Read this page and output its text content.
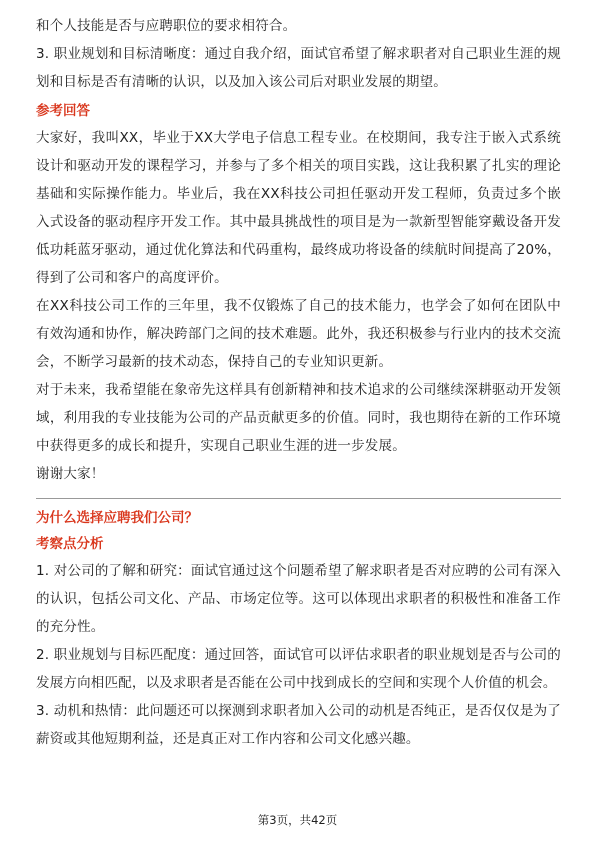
和个人技能是否与应聘职位的要求相符合。

3. 职业规划和目标清晰度：通过自我介绍，面试官希望了解求职者对自己职业生涯的规划和目标是否有清晰的认识，以及加入该公司后对职业发展的期望。

参考回答

大家好，我叫XX，毕业于XX大学电子信息工程专业。在校期间，我专注于嵌入式系统设计和驱动开发的课程学习，并参与了多个相关的项目实践，这让我积累了扎实的理论基础和实际操作能力。毕业后，我在XX科技公司担任驱动开发工程师，负责过多个嵌入式设备的驱动程序开发工作。其中最具挑战性的项目是为一款新型智能穿戴设备开发低功耗蓝牙驱动，通过优化算法和代码重构，最终成功将设备的续航时间提高了20%，得到了公司和客户的高度评价。

在XX科技公司工作的三年里，我不仅锻炼了自己的技术能力，也学会了如何在团队中有效沟通和协作，解决跨部门之间的技术难题。此外，我还积极参与行业内的技术交流会，不断学习最新的技术动态，保持自己的专业知识更新。

对于未来，我希望能在象帝先这样具有创新精神和技术追求的公司继续深耕驱动开发领域，利用我的专业技能为公司的产品贡献更多的价值。同时，我也期待在新的工作环境中获得更多的成长和提升，实现自己职业生涯的进一步发展。

谢谢大家！

为什么选择应聘我们公司？
考察点分析

1. 对公司的了解和研究：面试官通过这个问题希望了解求职者是否对应聘的公司有深入的认识，包括公司文化、产品、市场定位等。这可以体现出求职者的积极性和准备工作的充分性。

2. 职业规划与目标匹配度：通过回答，面试官可以评估求职者的职业规划是否与公司的发展方向相匹配，以及求职者是否能在公司中找到成长的空间和实现个人价值的机会。

3. 动机和热情：此问题还可以探测到求职者加入公司的动机是否纯正，是否仅仅是为了薪资或其他短期利益，还是真正对工作内容和公司文化感兴趣。

第3页，共42页
